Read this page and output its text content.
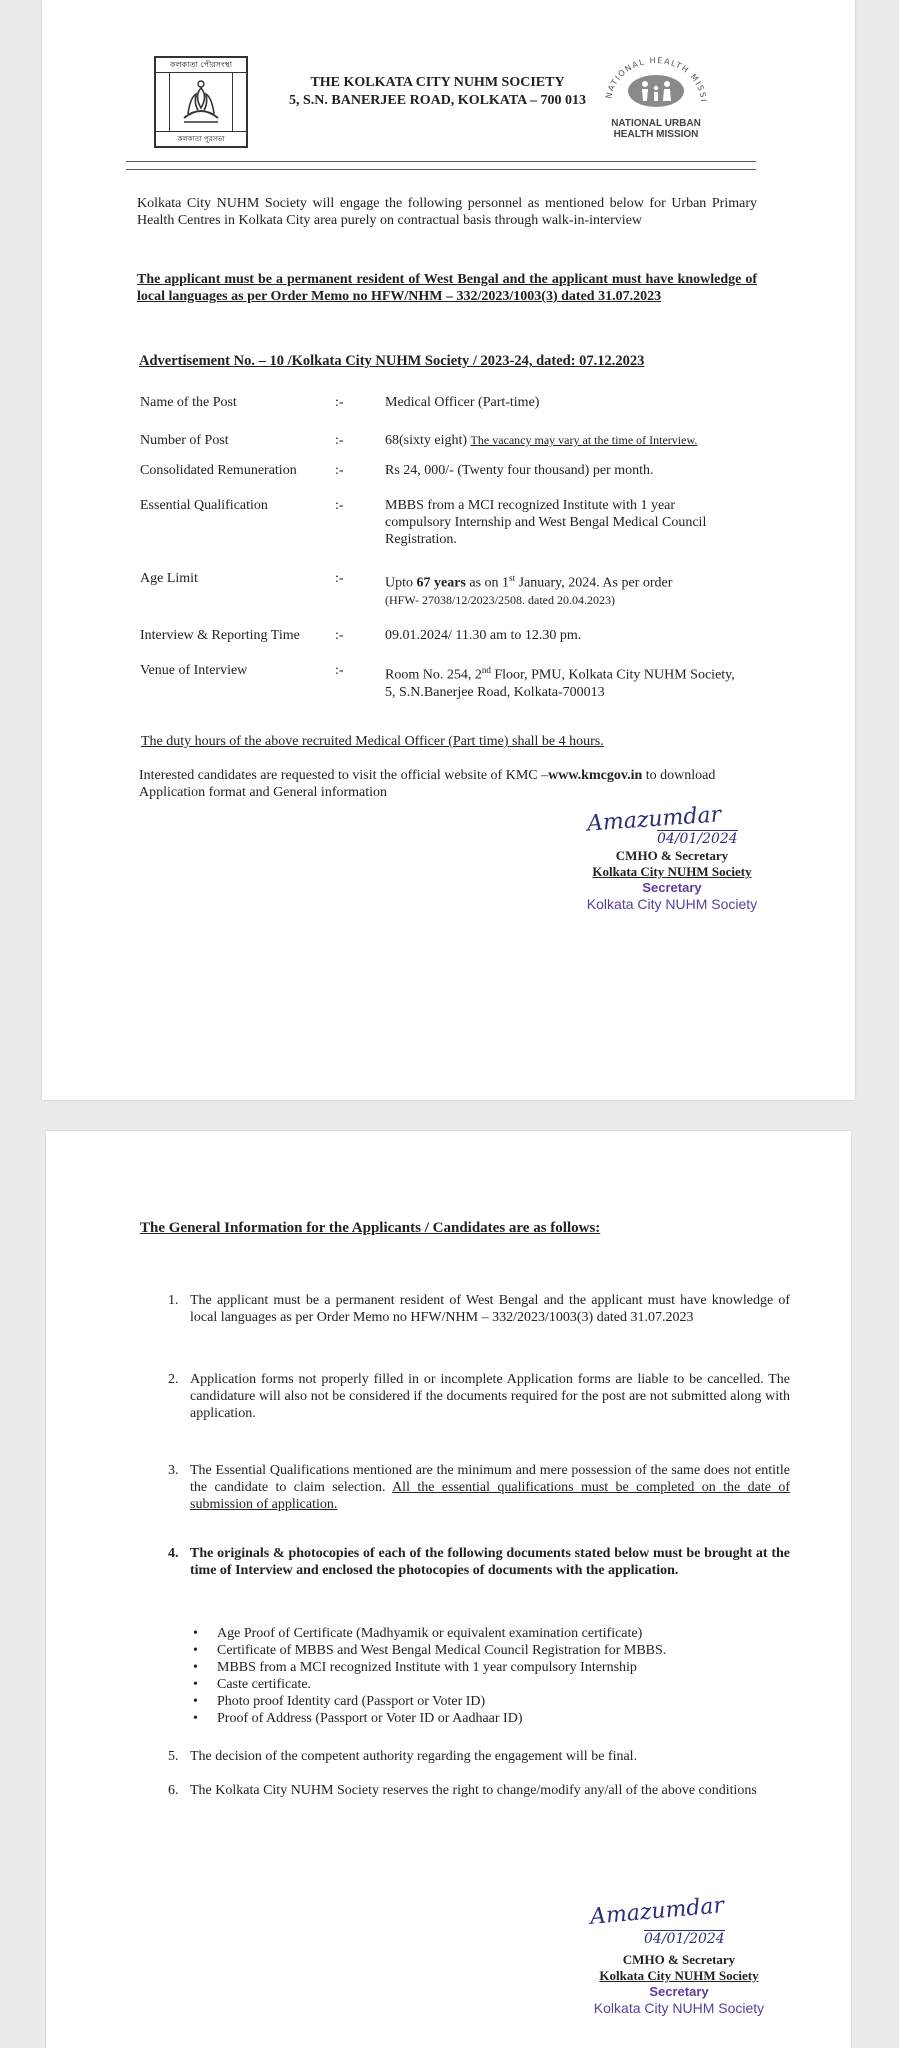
কলকাতা পৌরসংস্থা
কলকাতা পুরসভা
THE KOLKATA CITY NUHM SOCIETY
5, S.N. BANERJEE ROAD, KOLKATA – 700 013	NATIONAL HEALTH MISSI
NATIONAL URBAN
HEALTH MISSION

Kolkata City NUHM Society will engage the following personnel as mentioned below for Urban Primary Health Centres in Kolkata City area purely on contractual basis through walk-in-interview

The applicant must be a permanent resident of West Bengal and the applicant must have knowledge of local languages as per Order Memo no HFW/NHM – 332/2023/1003(3) dated 31.07.2023

Advertisement No. – 10 /Kolkata City NUHM Society / 2023-24, dated: 07.12.2023

Name of the Post	:-	Medical Officer (Part-time)
Number of Post	:-	68(sixty eight) The vacancy may vary at the time of Interview.
Consolidated Remuneration	:-	Rs 24, 000/- (Twenty four thousand) per month.
Essential Qualification	:-	MBBS from a MCI recognized Institute with 1 year compulsory Internship and West Bengal Medical Council Registration.
Age Limit	:-	Upto 67 years as on 1st January, 2024. As per order
(HFW- 27038/12/2023/2508. dated 20.04.2023)
Interview & Reporting Time	:-	09.01.2024/ 11.30 am to 12.30 pm.
Venue of Interview	:-	Room No. 254, 2nd Floor, PMU, Kolkata City NUHM Society, 5, S.N.Banerjee Road, Kolkata-700013

The duty hours of the above recruited Medical Officer (Part time) shall be 4 hours.

Interested candidates are requested to visit the official website of KMC –www.kmcgov.in to download Application format and General information

Amazumdar
04/01/2024
CMHO & Secretary
Kolkata City NUHM Society
Secretary
Kolkata City NUHM Society

The General Information for the Applicants / Candidates are as follows:

1. The applicant must be a permanent resident of West Bengal and the applicant must have knowledge of local languages as per Order Memo no HFW/NHM – 332/2023/1003(3) dated 31.07.2023
2. Application forms not properly filled in or incomplete Application forms are liable to be cancelled. The candidature will also not be considered if the documents required for the post are not submitted along with application.
3. The Essential Qualifications mentioned are the minimum and mere possession of the same does not entitle the candidate to claim selection. All the essential qualifications must be completed on the date of submission of application.
4. The originals & photocopies of each of the following documents stated below must be brought at the time of Interview and enclosed the photocopies of documents with the application.
5. The decision of the competent authority regarding the engagement will be final.
6. The Kolkata City NUHM Society reserves the right to change/modify any/all of the above conditions
• Age Proof of Certificate (Madhyamik or equivalent examination certificate)
• Certificate of MBBS and West Bengal Medical Council Registration for MBBS.
• MBBS from a MCI recognized Institute with 1 year compulsory Internship
• Caste certificate.
• Photo proof Identity card (Passport or Voter ID)
• Proof of Address (Passport or Voter ID or Aadhaar ID)
Amazumdar
04/01/2024
CMHO & Secretary
Kolkata City NUHM Society
Secretary
Kolkata City NUHM Society
